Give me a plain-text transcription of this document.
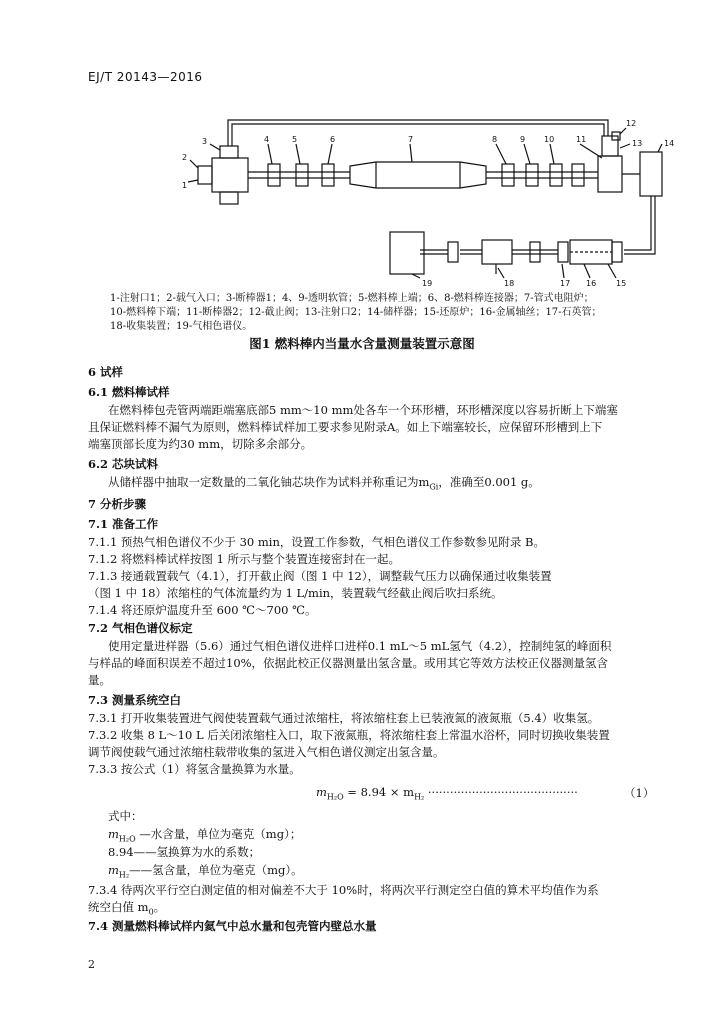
EJ/T 20143—2016
1
2
3	4	5	6	7	8	9 10	11
12
13	14
15
16
17
18
19
1-注射口1；2-载气入口；3-断棒器1；4、9-透明软管；5-燃料棒上端；6、8-燃料棒连接器；7-管式电阻炉；
10-燃料棒下端；11-断棒器2；12-截止阀；13-注射口2；14-储样器；15-还原炉；16-金属轴丝；17-石英管；
18-收集装置；19-气相色谱仪。
图1 燃料棒内当量水含量测量装置示意图
6 试样
6.1 燃料棒试样
在燃料棒包壳管两端距端塞底部5 mm～10 mm处各车一个环形槽，环形槽深度以容易折断上下端塞
且保证燃料棒不漏气为原则，燃料棒试样加工要求参见附录A。如上下端塞较长，应保留环形槽到上下
端塞顶部长度为约30 mm，切除多余部分。
6.2 芯块试料
从储样器中抽取一定数量的二氧化铀芯块作为试料并称重记为$m_{Gi}$，准确至0.001 g。
7 分析步骤
7.1 准备工作
7.1.1 预热气相色谱仪不少于 30 min，设置工作参数，气相色谱仪工作参数参见附录 B。
7.1.2 将燃料棒试样按图 1 所示与整个装置连接密封在一起。
7.1.3 接通载置载气（4.1），打开截止阀（图 1 中 12），调整载气压力以确保通过收集装置
（图 1 中 18）浓缩柱的气体流量约为 1 L/min，装置载气经截止阀后吹扫系统。
7.1.4 将还原炉温度升至 600 ℃～700 ℃。
7.2 气相色谱仪标定
使用定量进样器（5.6）通过气相色谱仪进样口进样0.1 mL～5 mL氢气（4.2），控制纯氢的峰面积
与样品的峰面积误差不超过10%，依据此校正仪器测量出氢含量。或用其它等效方法校正仪器测量氢含
量。
7.3 测量系统空白
7.3.1 打开收集装置进气阀使装置载气通过浓缩柱，将浓缩柱套上已装液氮的液氮瓶（5.4）收集氢。
7.3.2 收集 8 L～10 L 后关闭浓缩柱入口，取下液氮瓶，将浓缩柱套上常温水浴杯，同时切换收集装置
调节阀使载气通过浓缩柱载带收集的氢进入气相色谱仪测定出氢含量。
7.3.3 按公式（1）将氢含量换算为水量。
$m_{H_2O} = 8.94 \times m_{H_2}$ ·········································	（1）
式中：
$m_{H_2O}$ —水含量，单位为毫克（mg）；
8.94——氢换算为水的系数；
$m_{H_2}——$氢含量，单位为毫克（mg）。
7.3.4 待两次平行空白测定值的相对偏差不大于 10%时，将两次平行测定空白值的算术平均值作为系
统空白值 $m_0$。
7.4 测量燃料棒试样内氦气中总水量和包壳管内壁总水量
2
